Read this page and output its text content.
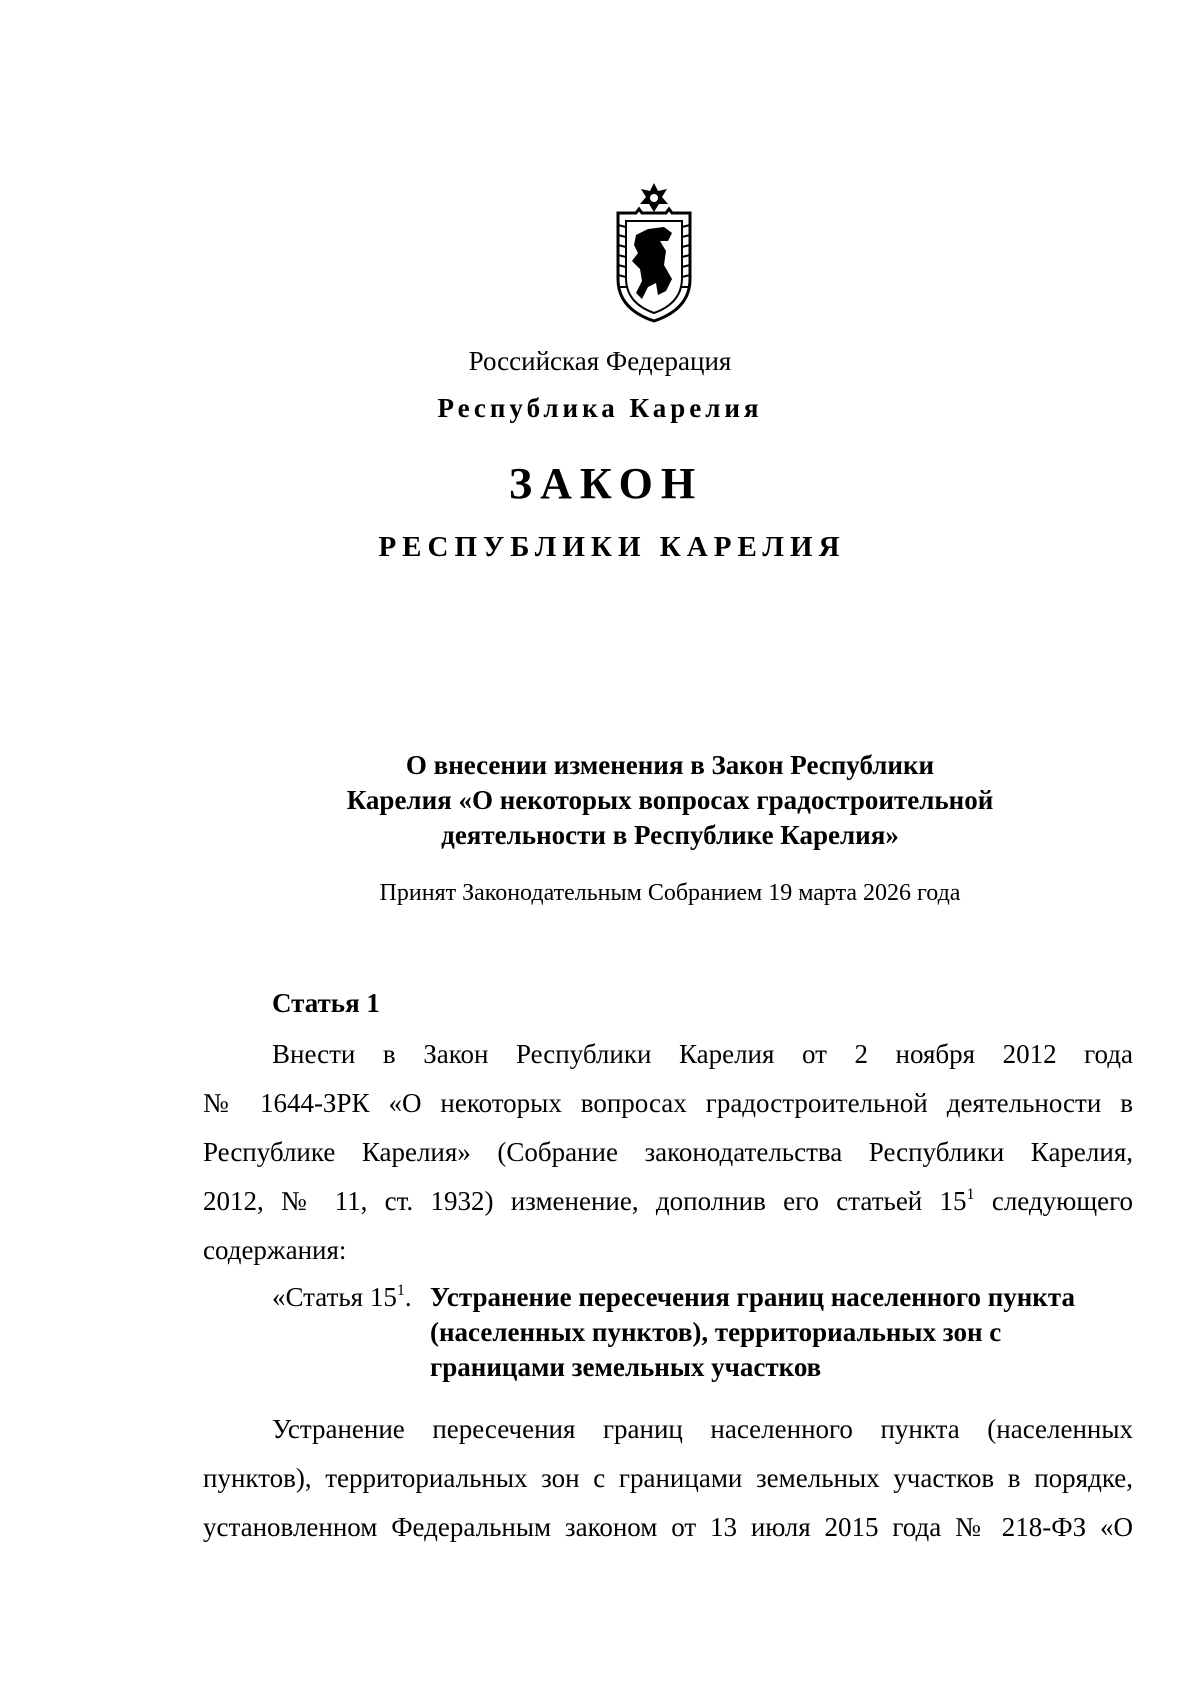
Российская Федерация
Республика Карелия
ЗАКОН
РЕСПУБЛИКИ КАРЕЛИЯ
О внесении изменения в Закон Республики
Карелия «О некоторых вопросах градостроительной
деятельности в Республике Карелия»
Принят Законодательным Собранием 19 марта 2026 года
Статья 1
Внести в Закон Республики Карелия от 2 ноября 2012 года
№ 1644-ЗРК «О некоторых вопросах градостроительной деятельности в
Республике Карелия» (Собрание законодательства Республики Карелия,
2012, № 11, ст. 1932) изменение, дополнив его статьей $15^1$ следующего
содержания:
«Статья $15^1$. Устранение пересечения границ населенного пункта
(населенных пунктов), территориальных зон с
границами земельных участков
Устранение пересечения границ населенного пункта (населенных
пунктов), территориальных зон с границами земельных участков в порядке,
установленном Федеральным законом от 13 июля 2015 года № 218-ФЗ «О
